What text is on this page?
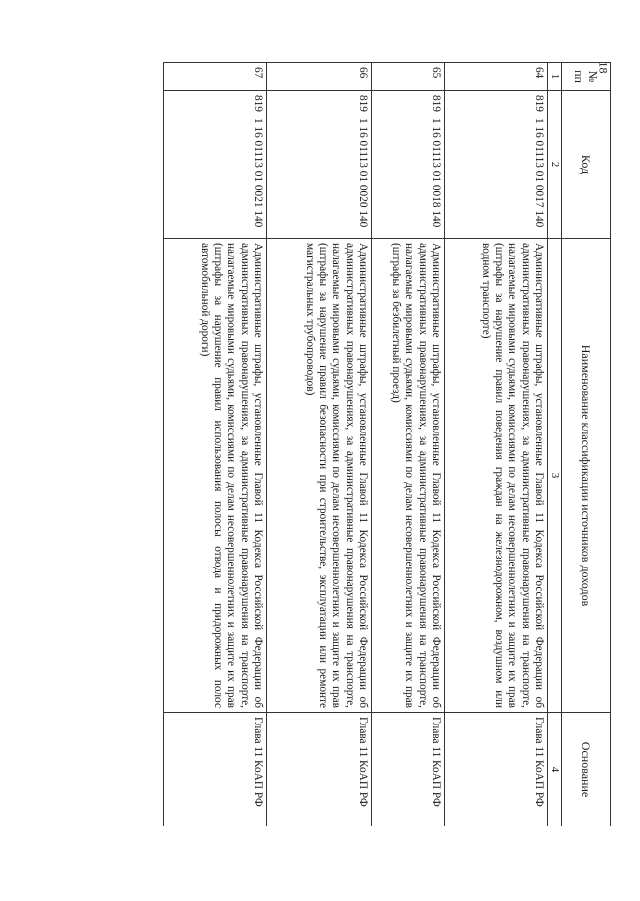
18
№ пп	Код	Наименование классификации источников доходов	Основание
1	2	3	4
64	8191 16 01113 01 0017 140	Административные штрафы, установленные Главой 11 Кодекса Российской Федерации об административных правонарушениях, за административные правонарушения на транспорте, налагаемые мировыми судьями, комиссиями по делам несовершеннолетних и защите их прав (штрафы за нарушение правил поведения граждан на железнодорожном, воздушном или водном транспорте)	Глава 11 КоАП РФ
65	8191 16 01113 01 0018 140	Административные штрафы, установленные Главой 11 Кодекса Российской Федерации об административных правонарушениях, за административные правонарушения на транспорте, налагаемые мировыми судьями, комиссиями по делам несовершеннолетних и защите их прав (штрафы за безбилетный проезд)	Глава 11 КоАП РФ
66	8191 16 01113 01 0020 140	Административные штрафы, установленные Главой 11 Кодекса Российской Федерации об административных правонарушениях, за административные правонарушения на транспорте, налагаемые мировыми судьями, комиссиями по делам несовершеннолетних и защите их прав (штрафы за нарушение правил безопасности при строительстве, эксплуатации или ремонте магистральных трубопроводов)	Глава 11 КоАП РФ
67	8191 16 01113 01 0021 140	Административные штрафы, установленные Главой 11 Кодекса Российской Федерации об административных правонарушениях, за административные правонарушения на транспорте, налагаемые мировыми судьями, комиссиями по делам несовершеннолетних и защите их прав (штрафы за нарушение правил использования полосы отвода и придорожных полос автомобильной дороги)	Глава 11 КоАП РФ
